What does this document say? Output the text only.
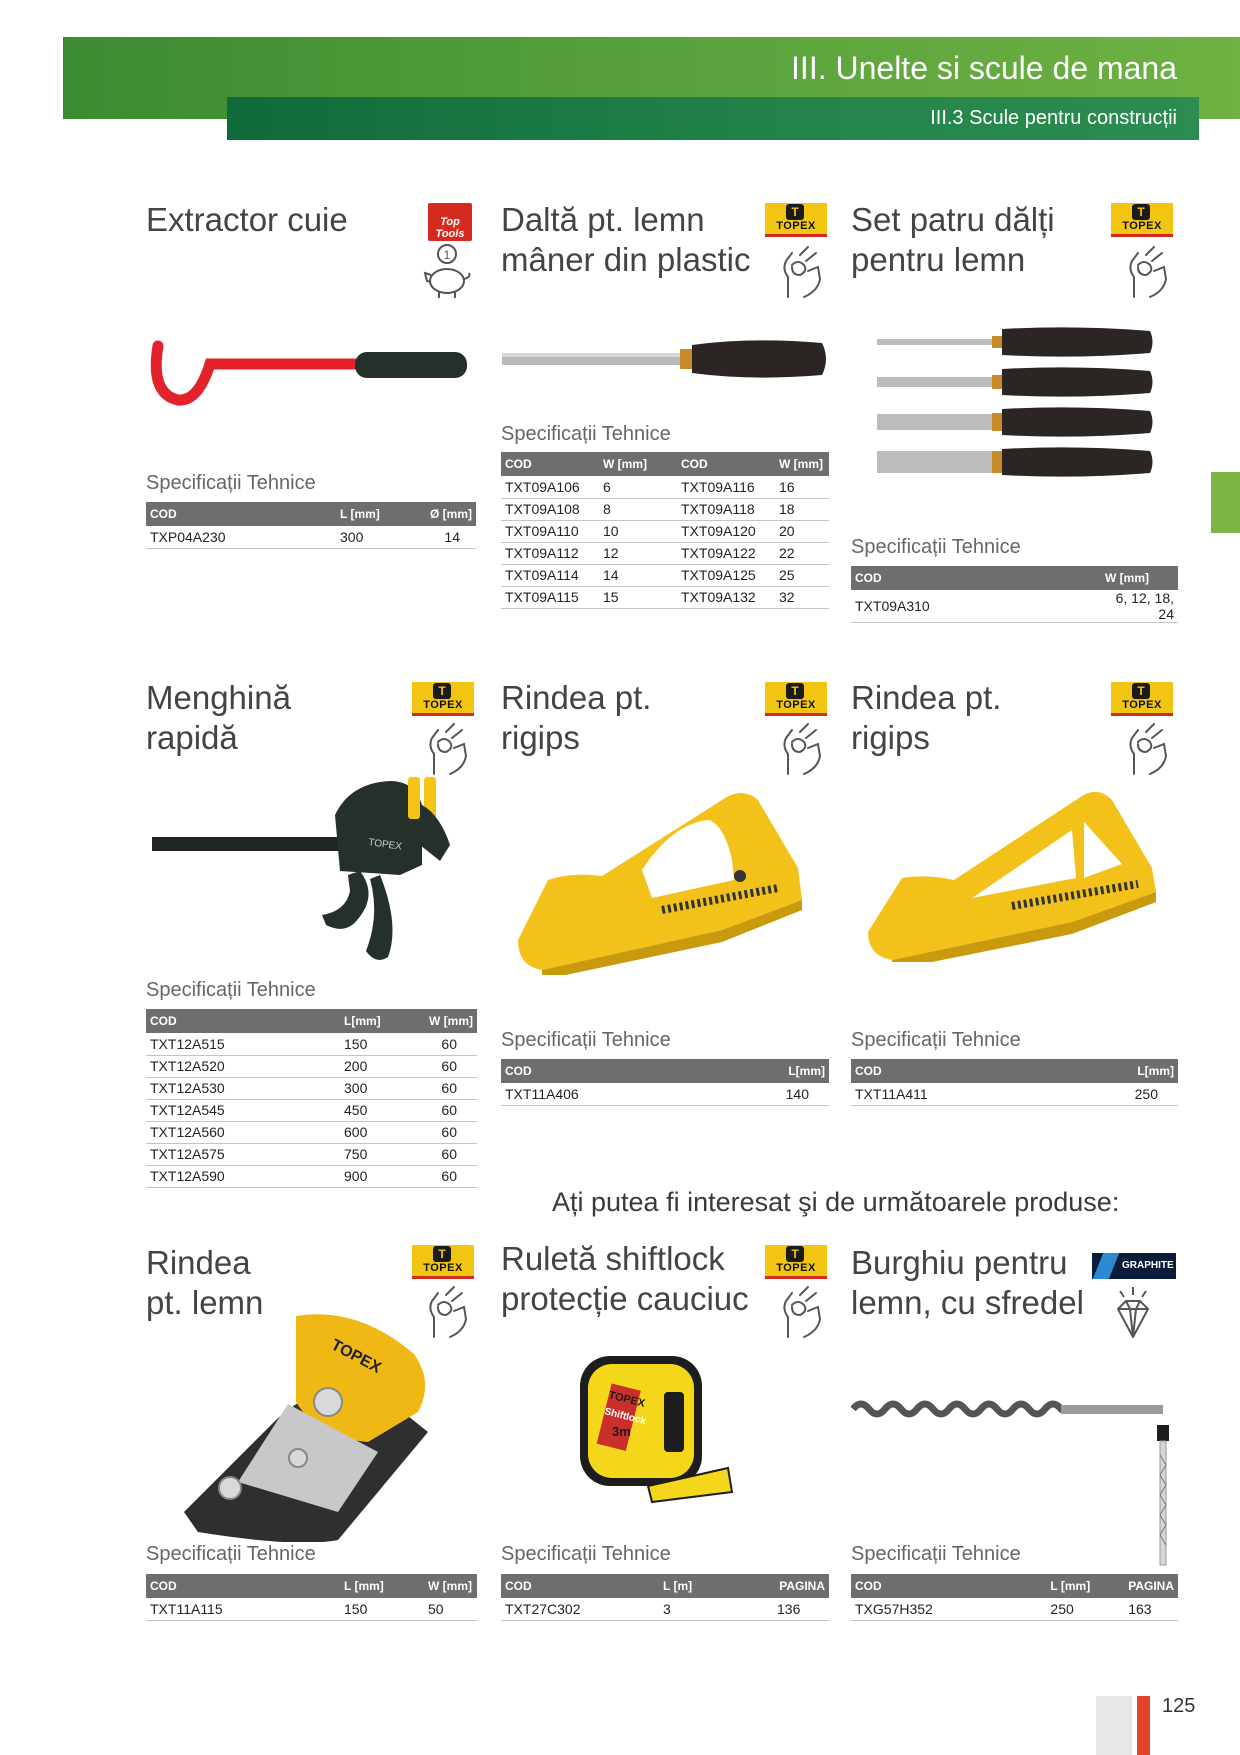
III. Unelte si scule de mana
III.3 Scule pentru construcții
Extractor cuie	Top Tools
1
Specificații Tehnice
COD	L [mm]	Ø [mm]
TXP04A230	300	14
Daltă pt. lemn
mâner din plastic
T
TOPEX
Specificații Tehnice
COD	W [mm]	COD	W [mm]
TXT09A106	6	TXT09A116	16
TXT09A108	8	TXT09A118	18
TXT09A110	10	TXT09A120	20
TXT09A112	12	TXT09A122	22
TXT09A114	14	TXT09A125	25
TXT09A115	15	TXT09A132	32
Set patru dălți
pentru lemn
T
TOPEX
Specificații Tehnice
COD	W [mm]
TXT09A310	6, 12, 18, 24
Menghină
rapidă
T
TOPEX
TOPEX
Specificații Tehnice
COD	L[mm]	W [mm]
TXT12A515	150	60
TXT12A520	200	60
TXT12A530	300	60
TXT12A545	450	60
TXT12A560	600	60
TXT12A575	750	60
TXT12A590	900	60
Rindea pt.
rigips
T
TOPEX
Specificații Tehnice
COD	L[mm]
TXT11A406	140
Rindea pt.
rigips
T
TOPEX
Specificații Tehnice
COD	L[mm]
TXT11A411	250
Ați putea fi interesat şi de următoarele produse:
Rindea
pt. lemn
T
TOPEX
TOPEX
Specificații Tehnice
COD	L [mm]	W [mm]
TXT11A115	150	50
Ruletă shiftlock
protecție cauciuc
T
TOPEX
TOPEX
Shiftlock
3m
Specificații Tehnice
COD	L [m]	PAGINA
TXT27C302	3	136
Burghiu pentru
lemn, cu sfredel
GRAPHITE
Specificații Tehnice
COD	L [mm]	PAGINA
TXG57H352	250	163
125
